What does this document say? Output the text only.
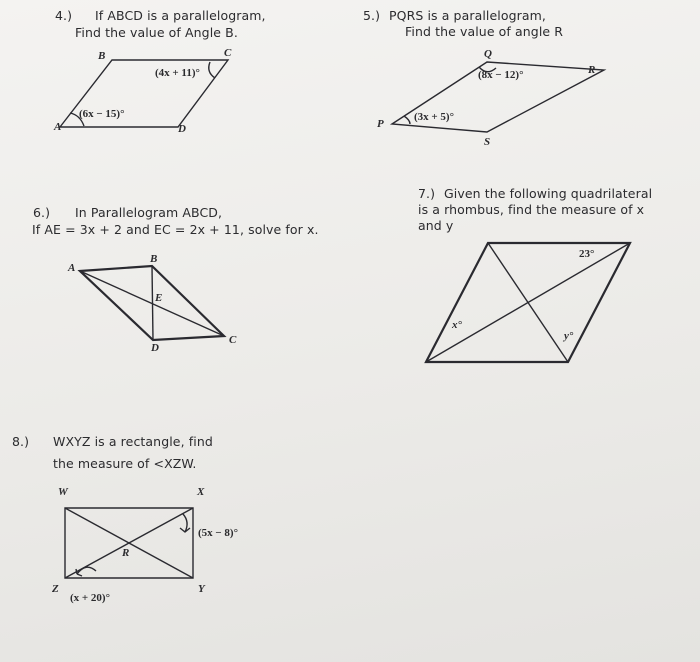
4.) If ABCD is a parallelogram,
Find the value of Angle B.
B	C
A	D
(4x + 11)°
(6x − 15)°
5.) PQRS is a parallelogram,
Find the value of angle R
Q
R
P
S
(8x − 12)°
(3x + 5)°
6.) In Parallelogram ABCD,
If AE = 3x + 2 and EC = 2x + 11, solve for x.
B
A
E
C
D
7.) Given the following quadrilateral
is a rhombus, find the measure of x
and y
23°
x°
y°
8.) WXYZ is a rectangle, find
the measure of <XZW.
W	X
R
Z	Y
(5x − 8)°
(x + 20)°
